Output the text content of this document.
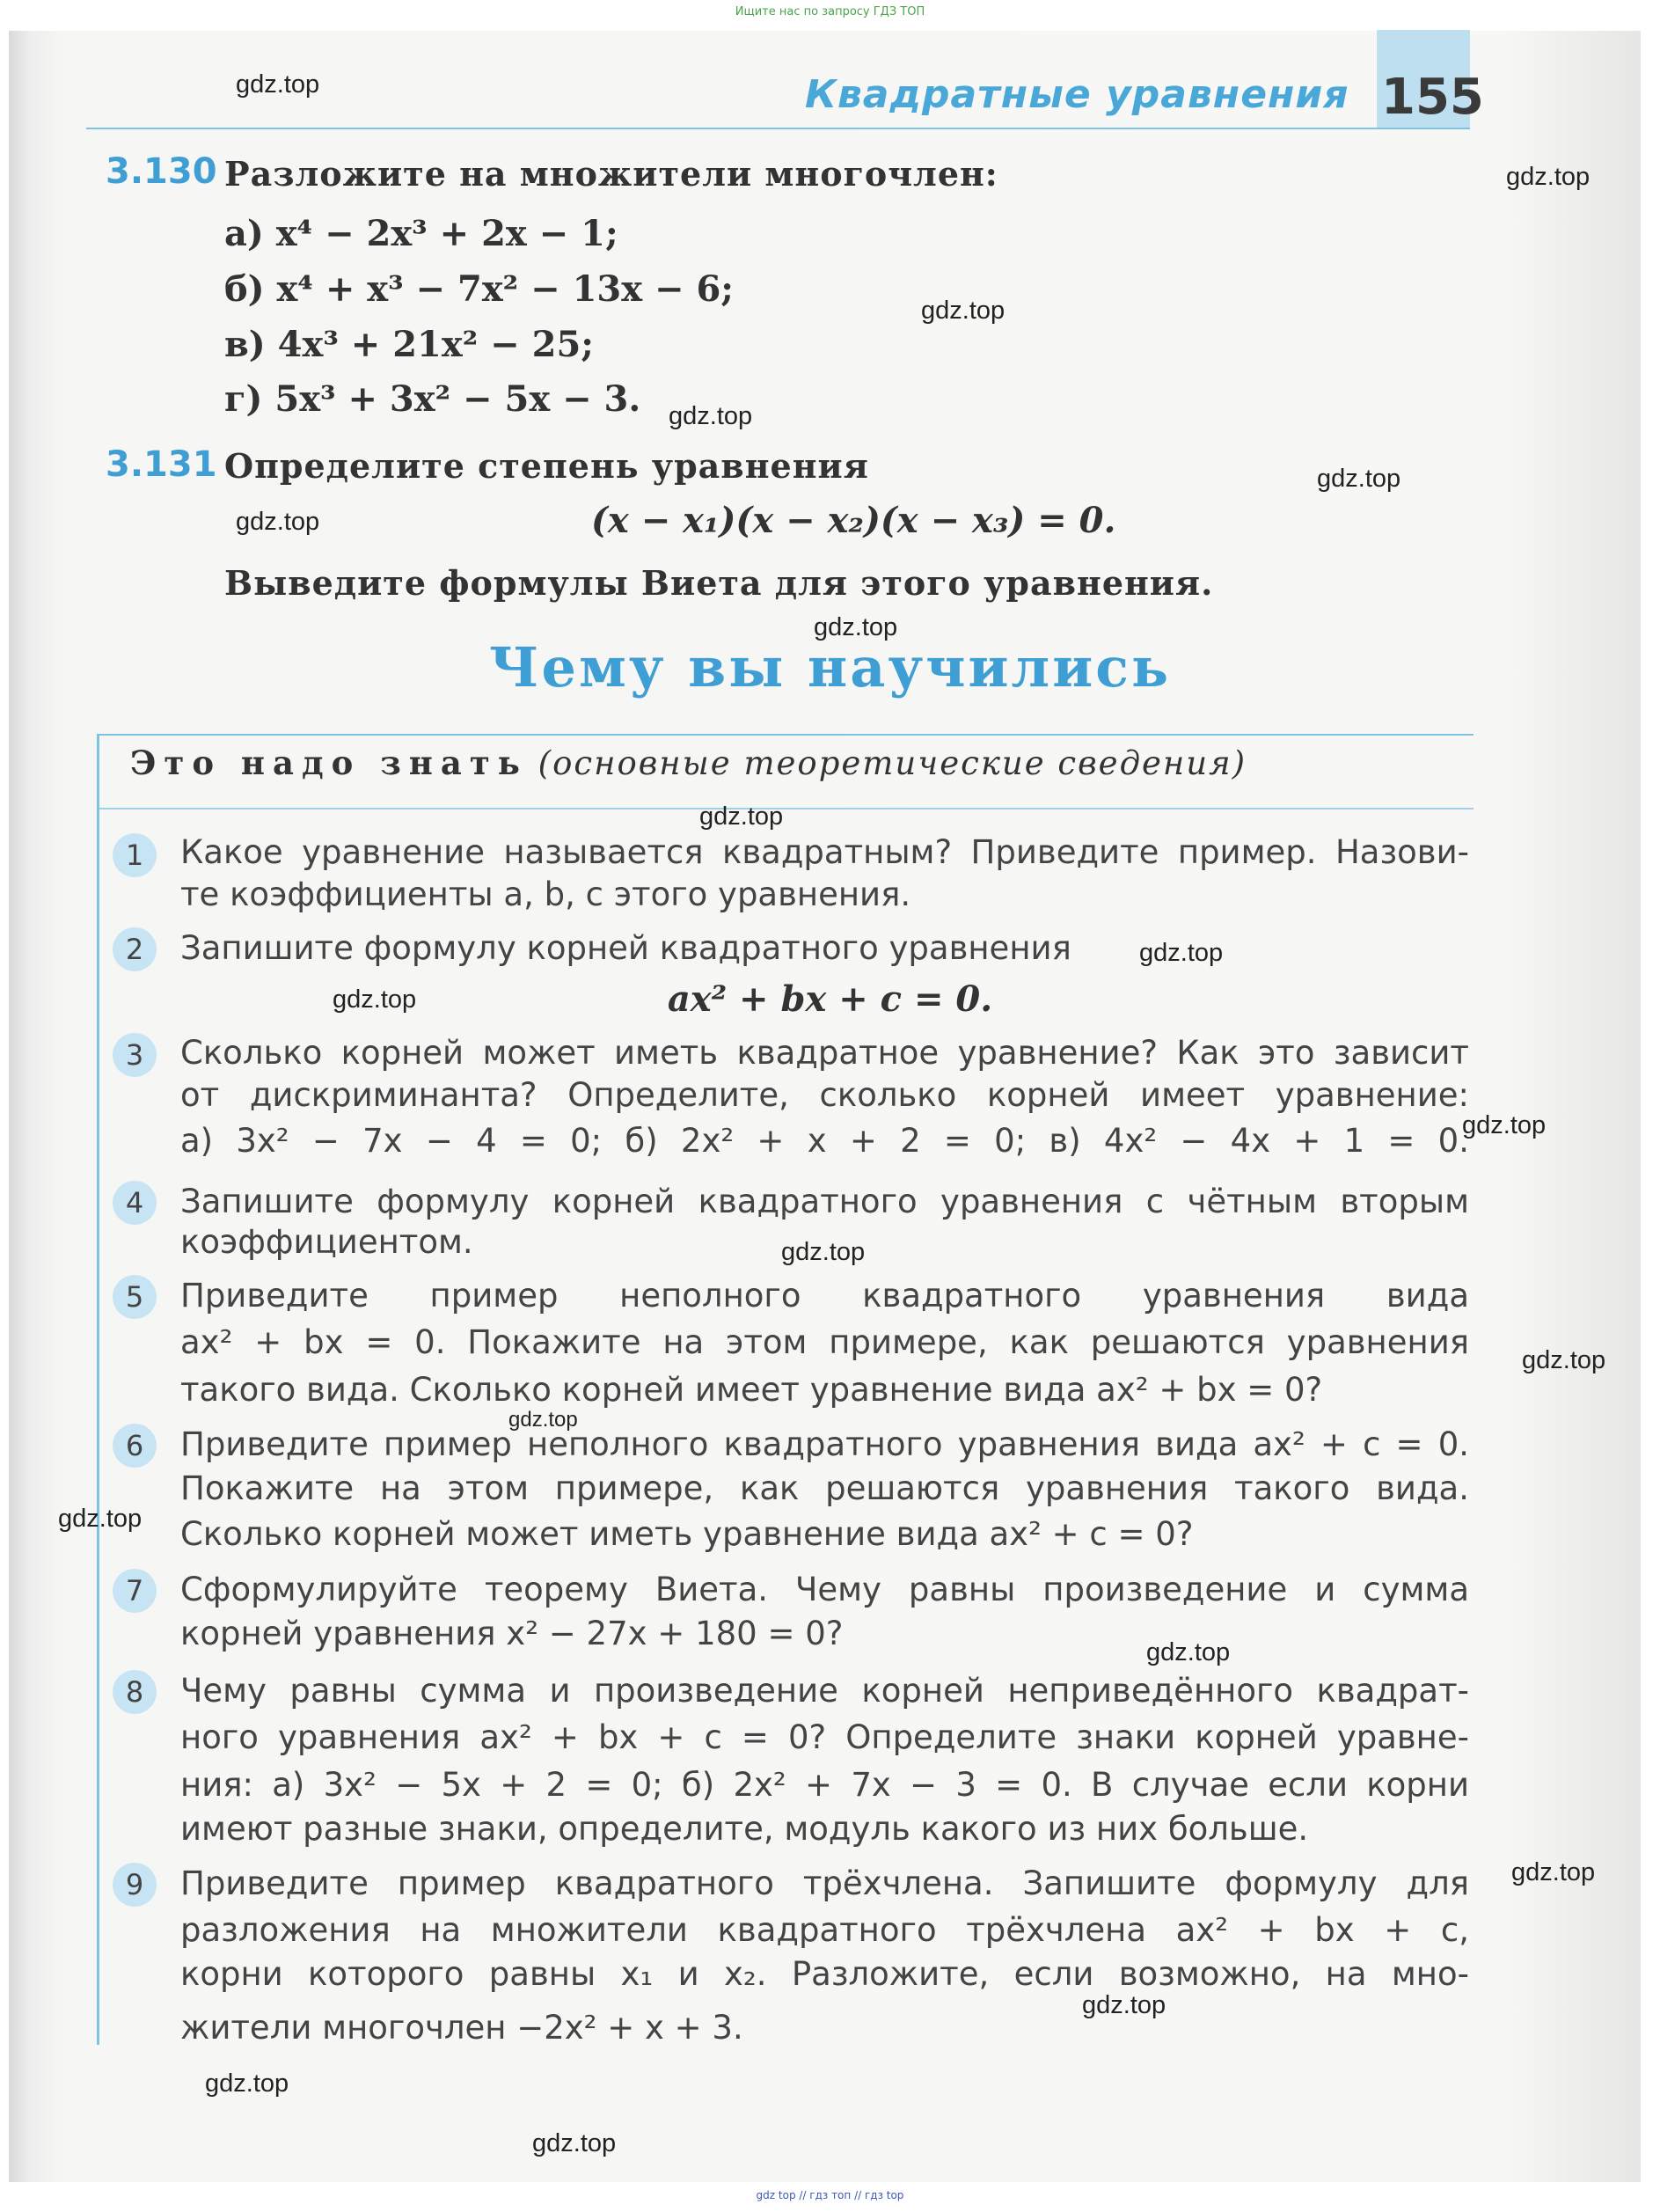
Ищите нас по запросу ГДЗ ТОП
Квадратные уравнения 155
3.130 Разложите на множители многочлен:
а) x⁴ − 2x³ + 2x − 1;
б) x⁴ + x³ − 7x² − 13x − 6;
в) 4x³ + 21x² − 25;
г) 5x³ + 3x² − 5x − 3.
3.131 Определите степень уравнения
(x − x₁)(x − x₂)(x − x₃) = 0.
Выведите формулы Виета для этого уравнения.
Чему вы научились
Это надо знать (основные теоретические сведения)
1	Какое уравнение называется квадратным? Приведите пример. Назови-
те коэффициенты a, b, c этого уравнения.
2	Запишите формулу корней квадратного уравнения
ax² + bx + c = 0.
3	Сколько корней может иметь квадратное уравнение? Как это зависит
от дискриминанта? Определите, сколько корней имеет уравнение:
а) 3x² − 7x − 4 = 0; б) 2x² + x + 2 = 0; в) 4x² − 4x + 1 = 0.
4	Запишите формулу корней квадратного уравнения с чётным вторым
коэффициентом.
5	Приведите пример неполного квадратного уравнения вида
ax² + bx = 0. Покажите на этом примере, как решаются уравнения
такого вида. Сколько корней имеет уравнение вида ax² + bx = 0?
6	Приведите пример неполного квадратного уравнения вида ax² + c = 0.
Покажите на этом примере, как решаются уравнения такого вида.
Сколько корней может иметь уравнение вида ax² + c = 0?
7	Сформулируйте теорему Виета. Чему равны произведение и сумма
корней уравнения x² − 27x + 180 = 0?
8	Чему равны сумма и произведение корней неприведённого квадрат-
ного уравнения ax² + bx + c = 0? Определите знаки корней уравне-
ния: а) 3x² − 5x + 2 = 0; б) 2x² + 7x − 3 = 0. В случае если корни
имеют разные знаки, определите, модуль какого из них больше.
9	Приведите пример квадратного трёхчлена. Запишите формулу для
разложения на множители квадратного трёхчлена ax² + bx + c,
корни которого равны x₁ и x₂. Разложите, если возможно, на мно-
жители многочлен −2x² + x + 3.
gdz.top
gdz.top
gdz.top
gdz.top
gdz.top
gdz.top
gdz.top
gdz.top
gdz.top
gdz.top
gdz.top
gdz.top
gdz.top
gdz.top
gdz.top
gdz.top
gdz.top
gdz.top
gdz.top
gdz.top
gdz top // гдз топ // гдз top
